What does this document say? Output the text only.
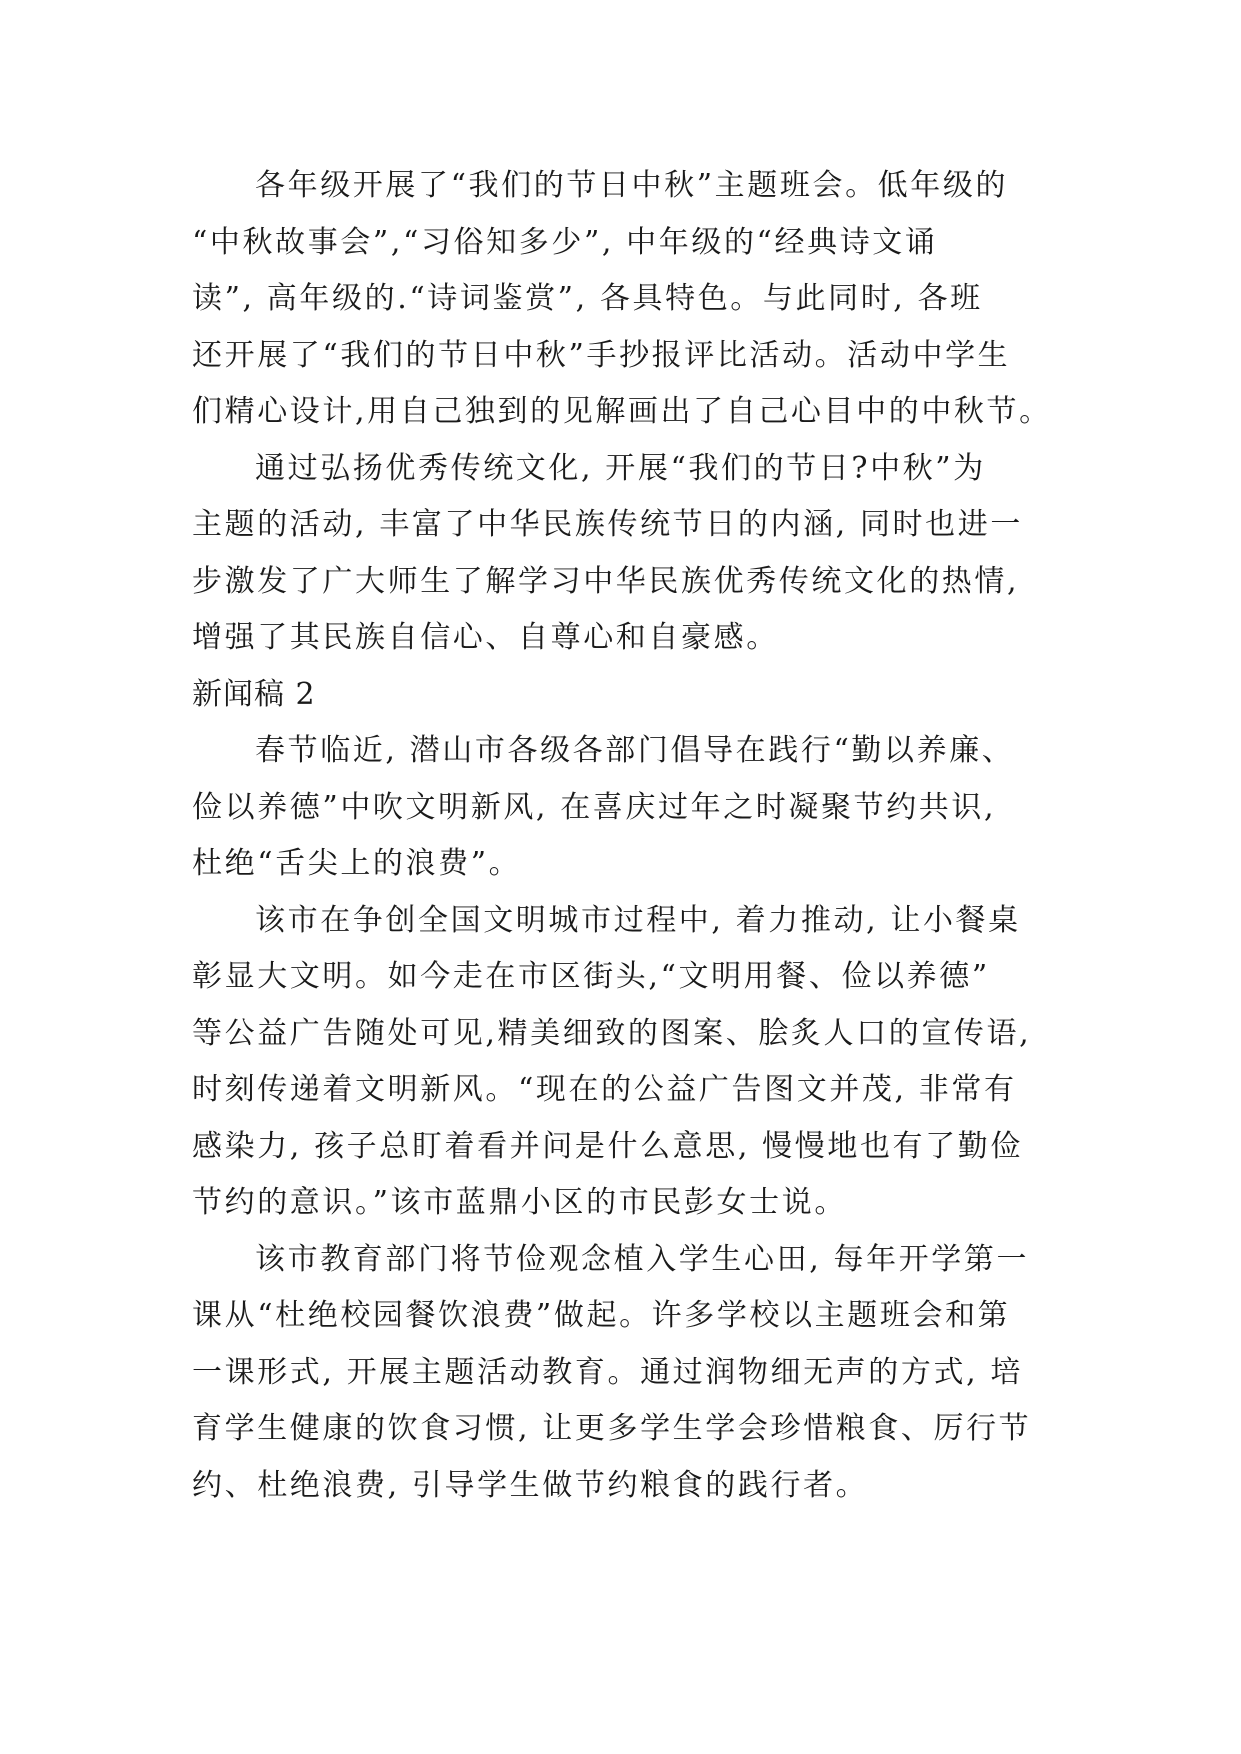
各年级开展了“我们的节日中秋”主题班会。低年级的
“中秋故事会”,“习俗知多少”, 中年级的“经典诗文诵
读”, 高年级的.“诗词鉴赏”, 各具特色。与此同时, 各班
还开展了“我们的节日中秋”手抄报评比活动。活动中学生
们精心设计,用自己独到的见解画出了自己心目中的中秋节。
通过弘扬优秀传统文化, 开展“我们的节日?中秋”为
主题的活动, 丰富了中华民族传统节日的内涵, 同时也进一
步激发了广大师生了解学习中华民族优秀传统文化的热情,
增强了其民族自信心、自尊心和自豪感。
新闻稿 2
春节临近, 潜山市各级各部门倡导在践行“勤以养廉、
俭以养德”中吹文明新风, 在喜庆过年之时凝聚节约共识,
杜绝“舌尖上的浪费”。
该市在争创全国文明城市过程中, 着力推动, 让小餐桌
彰显大文明。如今走在市区街头,“文明用餐、俭以养德”
等公益广告随处可见,精美细致的图案、脍炙人口的宣传语,
时刻传递着文明新风。“现在的公益广告图文并茂, 非常有
感染力, 孩子总盯着看并问是什么意思, 慢慢地也有了勤俭
节约的意识。”该市蓝鼎小区的市民彭女士说。
该市教育部门将节俭观念植入学生心田, 每年开学第一
课从“杜绝校园餐饮浪费”做起。许多学校以主题班会和第
一课形式, 开展主题活动教育。通过润物细无声的方式, 培
育学生健康的饮食习惯, 让更多学生学会珍惜粮食、厉行节
约、杜绝浪费, 引导学生做节约粮食的践行者。
